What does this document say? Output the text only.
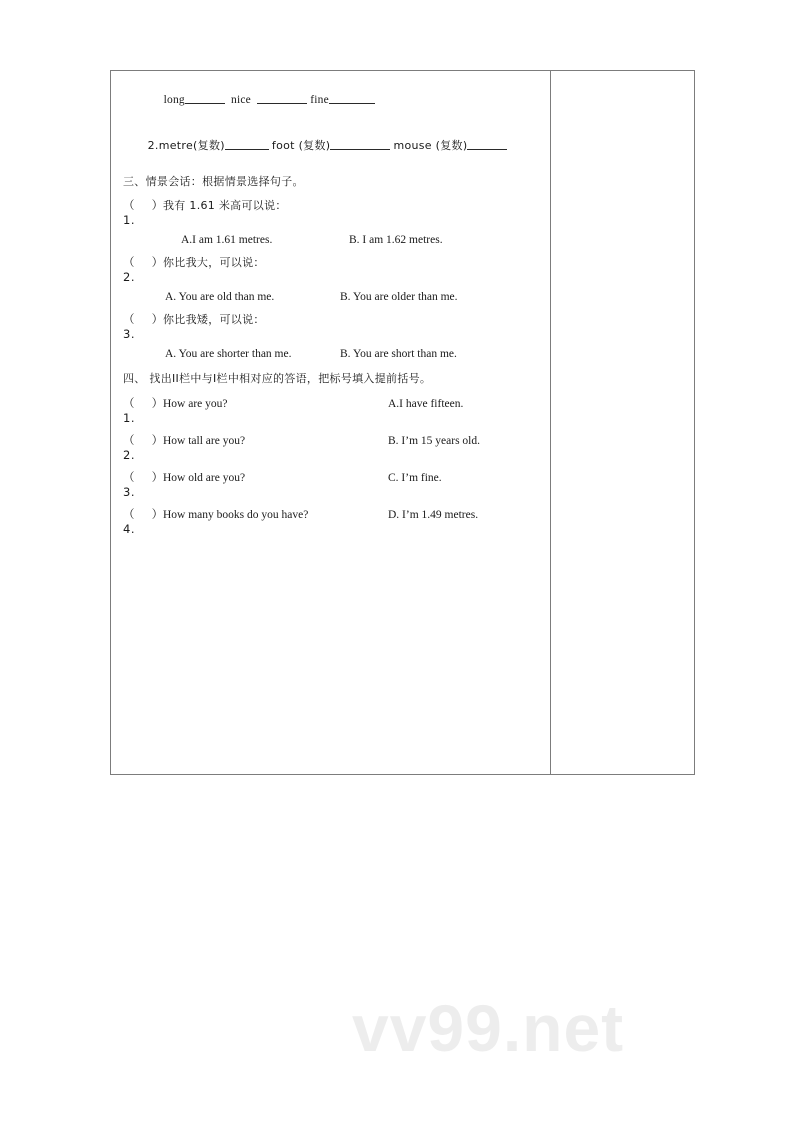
long	nice	fine

2.metre(复数)	foot (复数)	mouse (复数)

三、情景会话：根据情景选择句子。
（ ）1.
我有 1.61 米高可以说：
A.I am 1.61 metres.	B. I am 1.62 metres.
（ ）2.
你比我大，可以说：
A. You are old than me.	B. You are older than me.
（ ）3.
你比我矮，可以说：
A. You are shorter than me.	B. You are short than me.
四、 找出II栏中与I栏中相对应的答语，把标号填入提前括号。
（ ）1.
How are you?	A.I have fifteen.
（ ）2.
How tall are you?	B. I’m 15 years old.
（ ）3.
How old are you?	C. I’m fine.
（ ）4.
How many books do you have?	D. I’m 1.49 metres.
vv99.net
